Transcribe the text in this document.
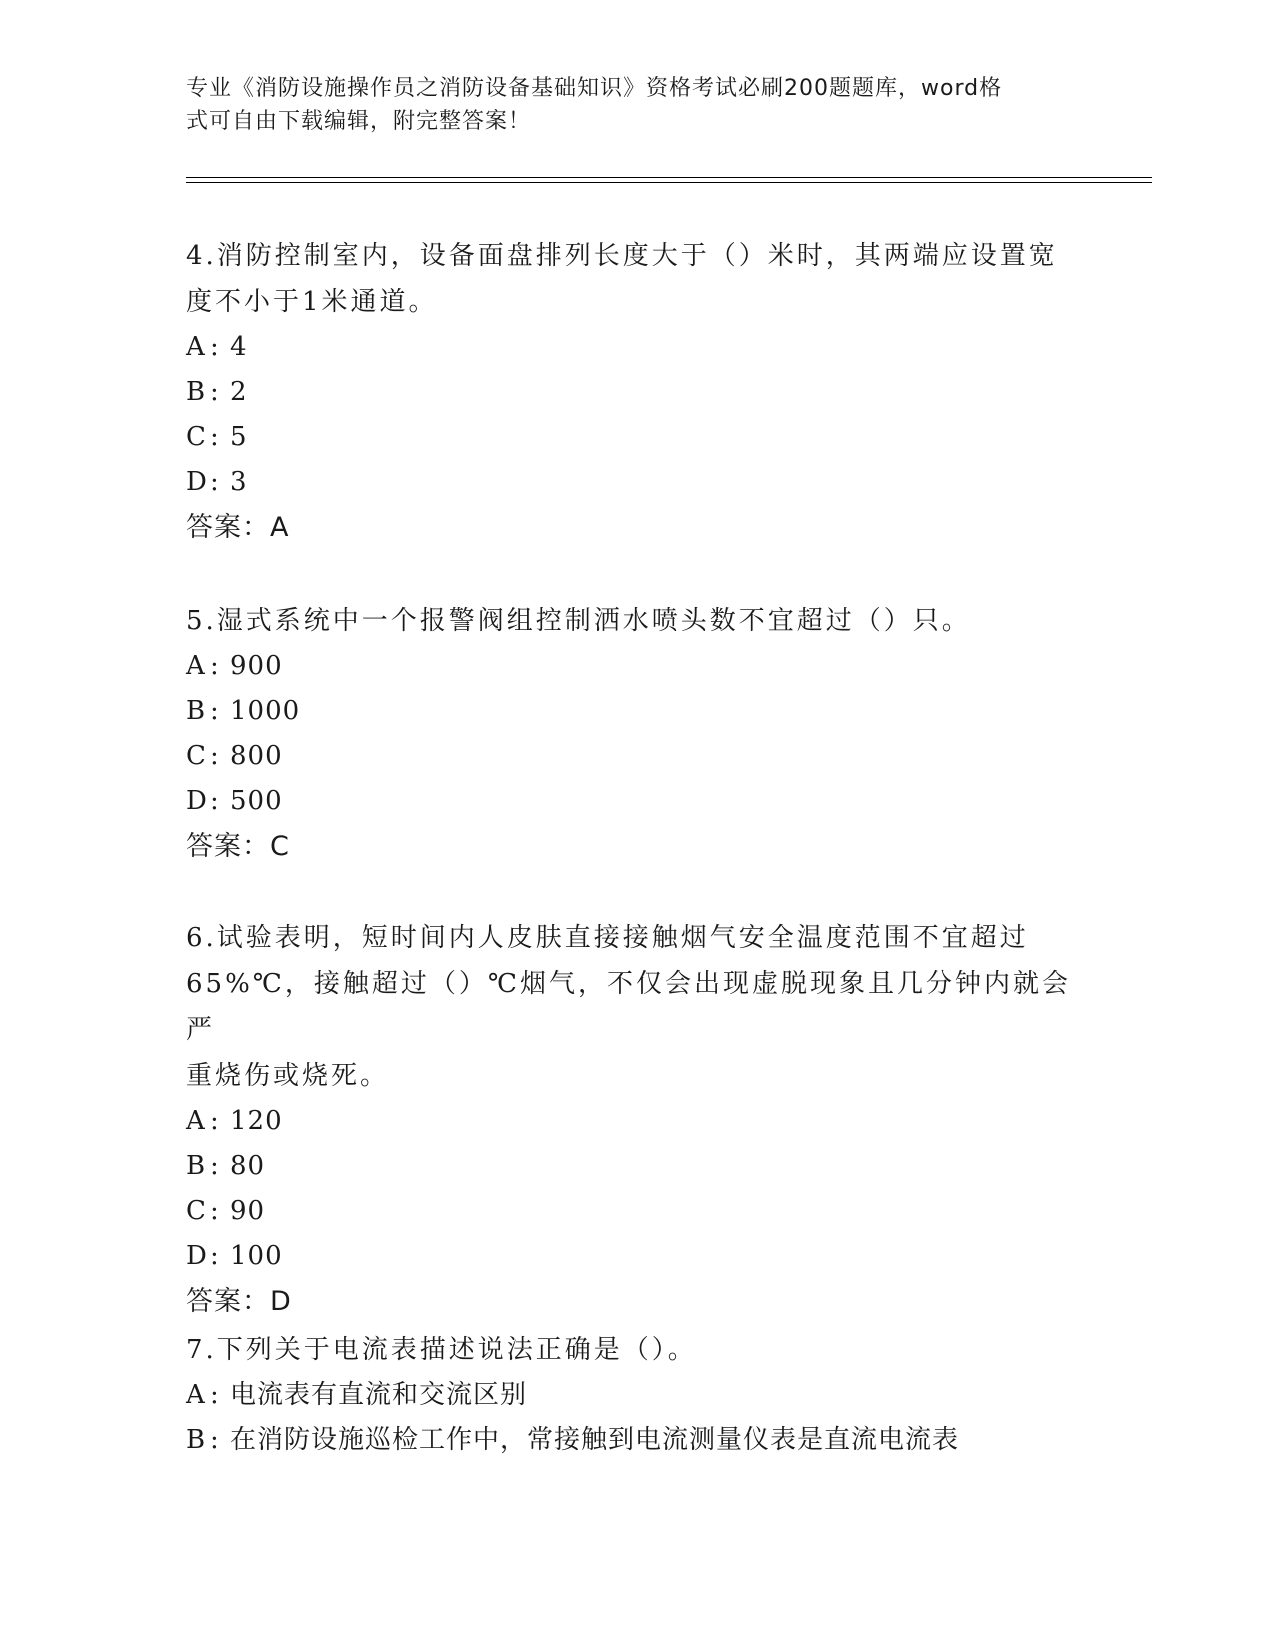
专业《消防设施操作员之消防设备基础知识》资格考试必刷200题题库，word格
式可自由下载编辑，附完整答案！

4.消防控制室内，设备面盘排列长度大于（）米时，其两端应设置宽

度不小于1米通道。

A : 4

B : 2

C : 5

D: 3

答案：A

5.湿式系统中一个报警阀组控制洒水喷头数不宜超过（）只。

A : 900

B : 1000

C : 800

D: 500

答案：C

6.试验表明，短时间内人皮肤直接接触烟气安全温度范围不宜超过

65%℃，接触超过（）℃烟气，不仅会出现虚脱现象且几分钟内就会严

重烧伤或烧死。

A : 120

B : 80

C : 90

D: 100

答案：D

7.下列关于电流表描述说法正确是（）。

A : 电流表有直流和交流区别

B : 在消防设施巡检工作中，常接触到电流测量仪表是直流电流表
